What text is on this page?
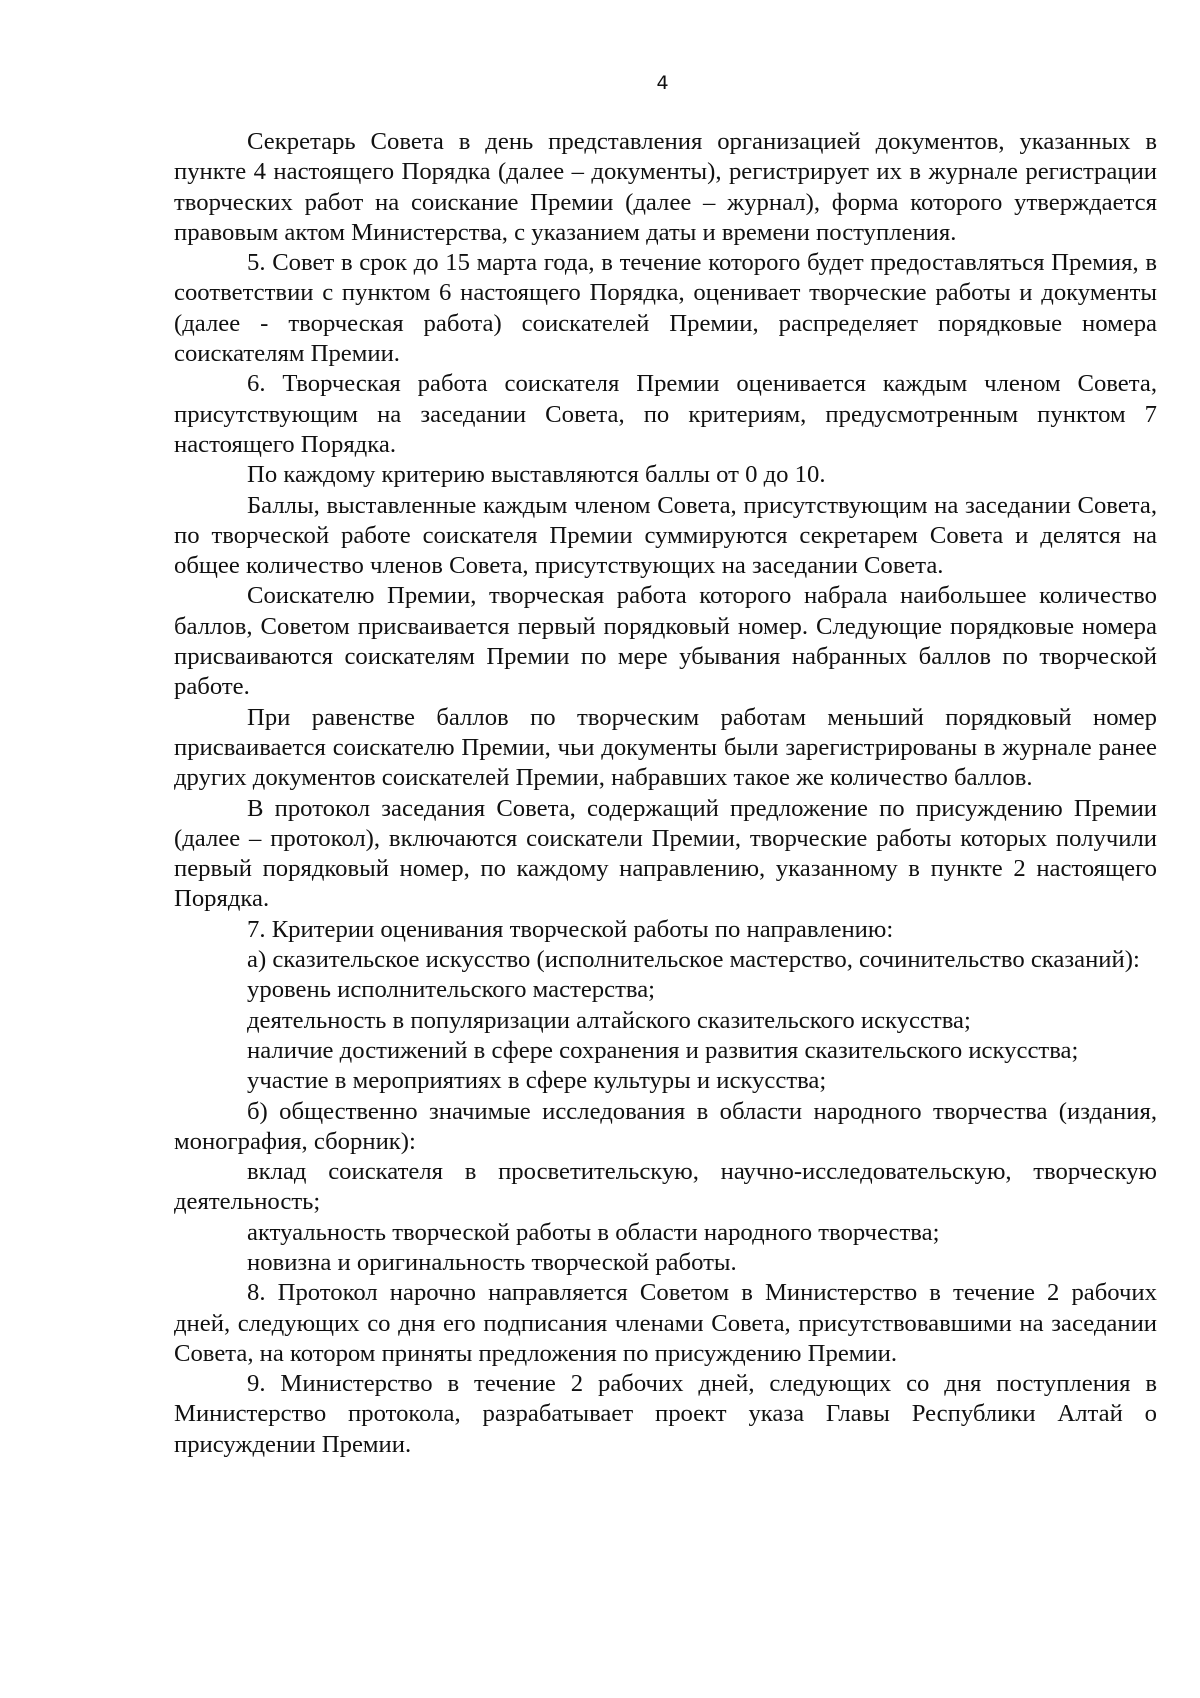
4

Секретарь Совета в день представления организацией документов, указанных в пункте 4 настоящего Порядка (далее – документы), регистрирует их в журнале регистрации творческих работ на соискание Премии (далее – журнал), форма которого утверждается правовым актом Министерства, с указанием даты и времени поступления.

5. Совет в срок до 15 марта года, в течение которого будет предоставляться Премия, в соответствии с пунктом 6 настоящего Порядка, оценивает творческие работы и документы (далее - творческая работа) соискателей Премии, распределяет порядковые номера соискателям Премии.

6. Творческая работа соискателя Премии оценивается каждым членом Совета, присутствующим на заседании Совета, по критериям, предусмотренным пунктом 7 настоящего Порядка.

По каждому критерию выставляются баллы от 0 до 10.

Баллы, выставленные каждым членом Совета, присутствующим на заседании Совета, по творческой работе соискателя Премии суммируются секретарем Совета и делятся на общее количество членов Совета, присутствующих на заседании Совета.

Соискателю Премии, творческая работа которого набрала наибольшее количество баллов, Советом присваивается первый порядковый номер. Следующие порядковые номера присваиваются соискателям Премии по мере убывания набранных баллов по творческой работе.

При равенстве баллов по творческим работам меньший порядковый номер присваивается соискателю Премии, чьи документы были зарегистрированы в журнале ранее других документов соискателей Премии, набравших такое же количество баллов.

В протокол заседания Совета, содержащий предложение по присуждению Премии (далее – протокол), включаются соискатели Премии, творческие работы которых получили первый порядковый номер, по каждому направлению, указанному в пункте 2 настоящего Порядка.

7. Критерии оценивания творческой работы по направлению:

а) сказительское искусство (исполнительское мастерство, сочинительство сказаний):

уровень исполнительского мастерства;

деятельность в популяризации алтайского сказительского искусства;

наличие достижений в сфере сохранения и развития сказительского искусства;

участие в мероприятиях в сфере культуры и искусства;

б) общественно значимые исследования в области народного творчества (издания, монография, сборник):

вклад соискателя в просветительскую, научно-исследовательскую, творческую деятельность;

актуальность творческой работы в области народного творчества;

новизна и оригинальность творческой работы.

8. Протокол нарочно направляется Советом в Министерство в течение 2 рабочих дней, следующих со дня его подписания членами Совета, присутствовавшими на заседании Совета, на котором приняты предложения по присуждению Премии.

9. Министерство в течение 2 рабочих дней, следующих со дня поступления в Министерство протокола, разрабатывает проект указа Главы Республики Алтай о присуждении Премии.
